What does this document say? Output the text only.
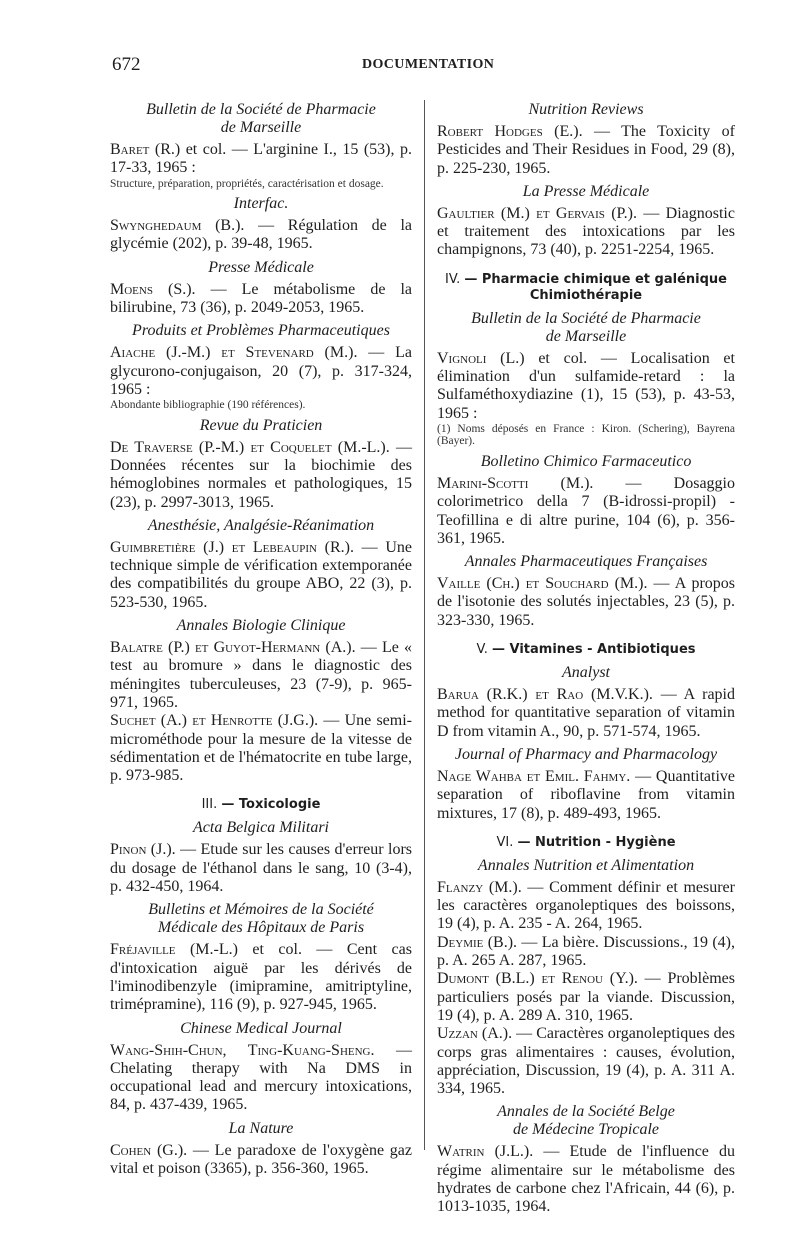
672	DOCUMENTATION
Bulletin de la Société de Pharmacie
de Marseille
Baret (R.) et col. — L'arginine I., 15 (53), p. 17-33, 1965 :
Structure, préparation, propriétés, caractérisation et dosage.
Interfac.
Swynghedaum (B.). — Régulation de la glycémie (202), p. 39-48, 1965.
Presse Médicale
Moens (S.). — Le métabolisme de la bilirubine, 73 (36), p. 2049-2053, 1965.
Produits et Problèmes Pharmaceutiques
Aiache (J.-M.) et Stevenard (M.). — La glycurono-conjugaison, 20 (7), p. 317-324, 1965 :
Abondante bibliographie (190 références).
Revue du Praticien
De Traverse (P.-M.) et Coquelet (M.-L.). — Données récentes sur la biochimie des hémoglobines normales et pathologiques, 15 (23), p. 2997-3013, 1965.
Anesthésie, Analgésie-Réanimation
Guimbretière (J.) et Lebeaupin (R.). — Une technique simple de vérification extemporanée des compatibilités du groupe ABO, 22 (3), p. 523-530, 1965.
Annales Biologie Clinique
Balatre (P.) et Guyot-Hermann (A.). — Le « test au bromure » dans le diagnostic des méningites tuberculeuses, 23 (7-9), p. 965-971, 1965.
Suchet (A.) et Henrotte (J.G.). — Une semi-microméthode pour la mesure de la vitesse de sédimentation et de l'hématocrite en tube large, p. 973-985.
III. — Toxicologie
Acta Belgica Militari
Pinon (J.). — Etude sur les causes d'erreur lors du dosage de l'éthanol dans le sang, 10 (3-4), p. 432-450, 1964.
Bulletins et Mémoires de la Société
Médicale des Hôpitaux de Paris
Fréjaville (M.-L.) et col. — Cent cas d'intoxication aiguë par les dérivés de l'iminodibenzyle (imipramine, amitriptyline, trimépramine), 116 (9), p. 927-945, 1965.
Chinese Medical Journal
Wang-Shih-Chun, Ting-Kuang-Sheng. — Chelating therapy with Na DMS in occupational lead and mercury intoxications, 84, p. 437-439, 1965.
La Nature
Cohen (G.). — Le paradoxe de l'oxygène gaz vital et poison (3365), p. 356-360, 1965.
Nutrition Reviews
Robert Hodges (E.). — The Toxicity of Pesticides and Their Residues in Food, 29 (8), p. 225-230, 1965.
La Presse Médicale
Gaultier (M.) et Gervais (P.). — Diagnostic et traitement des intoxications par les champignons, 73 (40), p. 2251-2254, 1965.
IV. — Pharmacie chimique et galénique
Chimiothérapie
Bulletin de la Société de Pharmacie
de Marseille
Vignoli (L.) et col. — Localisation et élimination d'un sulfamide-retard : la Sulfaméthoxydiazine (1), 15 (53), p. 43-53, 1965 :
(1) Noms déposés en France : Kiron. (Schering), Bayrena (Bayer).
Bolletino Chimico Farmaceutico
Marini-Scotti (M.). — Dosaggio colorimetrico della 7 (B-idrossi-propil) - Teofillina e di altre purine, 104 (6), p. 356-361, 1965.
Annales Pharmaceutiques Françaises
Vaille (Ch.) et Souchard (M.). — A propos de l'isotonie des solutés injectables, 23 (5), p. 323-330, 1965.
V. — Vitamines - Antibiotiques
Analyst
Barua (R.K.) et Rao (M.V.K.). — A rapid method for quantitative separation of vitamin D from vitamin A., 90, p. 571-574, 1965.
Journal of Pharmacy and Pharmacology
Nage Wahba et Emil. Fahmy. — Quantitative separation of riboflavine from vitamin mixtures, 17 (8), p. 489-493, 1965.
VI. — Nutrition - Hygiène
Annales Nutrition et Alimentation
Flanzy (M.). — Comment définir et mesurer les caractères organoleptiques des boissons, 19 (4), p. A. 235 - A. 264, 1965.
Deymie (B.). — La bière. Discussions., 19 (4), p. A. 265 A. 287, 1965.
Dumont (B.L.) et Renou (Y.). — Problèmes particuliers posés par la viande. Discussion, 19 (4), p. A. 289 A. 310, 1965.
Uzzan (A.). — Caractères organoleptiques des corps gras alimentaires : causes, évolution, appréciation, Discussion, 19 (4), p. A. 311 A. 334, 1965.
Annales de la Société Belge
de Médecine Tropicale
Watrin (J.L.). — Etude de l'influence du régime alimentaire sur le métabolisme des hydrates de carbone chez l'Africain, 44 (6), p. 1013-1035, 1964.
